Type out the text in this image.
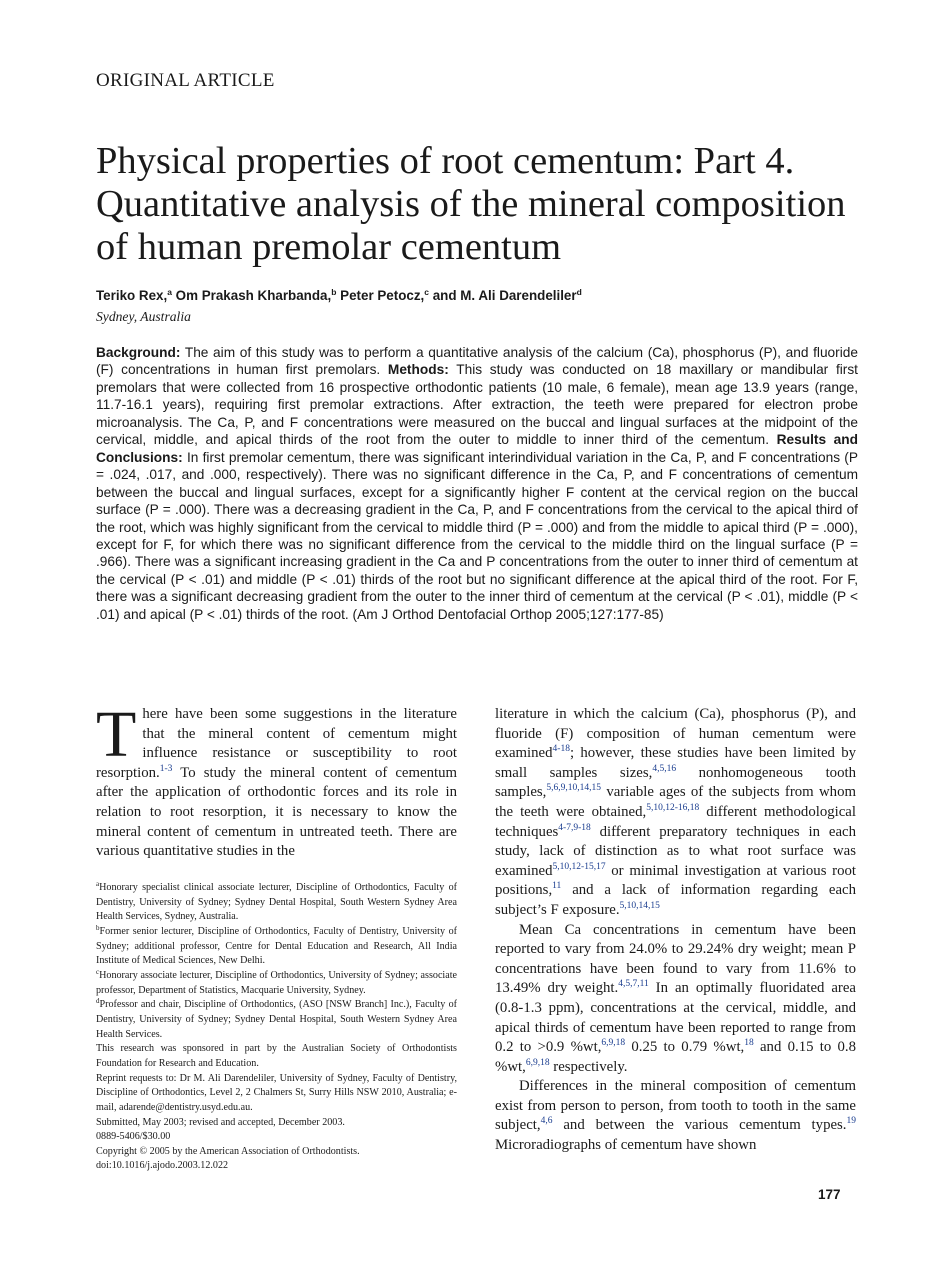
ORIGINAL ARTICLE
Physical properties of root cementum: Part 4. Quantitative analysis of the mineral composition of human premolar cementum
Teriko Rex,$^a$ Om Prakash Kharbanda,$^b$ Peter Petocz,$^c$ and M. Ali Darendeliler$^d$
Sydney, Australia

Background: The aim of this study was to perform a quantitative analysis of the calcium (Ca), phosphorus (P), and fluoride (F) concentrations in human first premolars. Methods: This study was conducted on 18 maxillary or mandibular first premolars that were collected from 16 prospective orthodontic patients (10 male, 6 female), mean age 13.9 years (range, 11.7-16.1 years), requiring first premolar extractions. After extraction, the teeth were prepared for electron probe microanalysis. The Ca, P, and F concentrations were measured on the buccal and lingual surfaces at the midpoint of the cervical, middle, and apical thirds of the root from the outer to middle to inner third of the cementum. Results and Conclusions: In first premolar cementum, there was significant interindividual variation in the Ca, P, and F concentrations (P = .024, .017, and .000, respectively). There was no significant difference in the Ca, P, and F concentrations of cementum between the buccal and lingual surfaces, except for a significantly higher F content at the cervical region on the buccal surface (P = .000). There was a decreasing gradient in the Ca, P, and F concentrations from the cervical to the apical third of the root, which was highly significant from the cervical to middle third (P = .000) and from the middle to apical third (P = .000), except for F, for which there was no significant difference from the cervical to the middle third on the lingual surface (P = .966). There was a significant increasing gradient in the Ca and P concentrations from the outer to inner third of cementum at the cervical (P < .01) and middle (P < .01) thirds of the root but no significant difference at the apical third of the root. For F, there was a significant decreasing gradient from the outer to the inner third of cementum at the cervical (P < .01), middle (P < .01) and apical (P < .01) thirds of the root. (Am J Orthod Dentofacial Orthop 2005;127:177-85)

There have been some suggestions in the literature that the mineral content of cementum might influence resistance or susceptibility to root resorption.$^{1-3}$ To study the mineral content of cementum after the application of orthodontic forces and its role in relation to root resorption, it is necessary to know the mineral content of cementum in untreated teeth. There are various quantitative studies in the

$^a$Honorary specialist clinical associate lecturer, Discipline of Orthodontics, Faculty of Dentistry, University of Sydney; Sydney Dental Hospital, South Western Sydney Area Health Services, Sydney, Australia.

$^b$Former senior lecturer, Discipline of Orthodontics, Faculty of Dentistry, University of Sydney; additional professor, Centre for Dental Education and Research, All India Institute of Medical Sciences, New Delhi.

$^c$Honorary associate lecturer, Discipline of Orthodontics, University of Sydney; associate professor, Department of Statistics, Macquarie University, Sydney.

$^d$Professor and chair, Discipline of Orthodontics, (ASO [NSW Branch] Inc.), Faculty of Dentistry, University of Sydney; Sydney Dental Hospital, South Western Sydney Area Health Services.

This research was sponsored in part by the Australian Society of Orthodontists Foundation for Research and Education.

Reprint requests to: Dr M. Ali Darendeliler, University of Sydney, Faculty of Dentistry, Discipline of Orthodontics, Level 2, 2 Chalmers St, Surry Hills NSW 2010, Australia; e-mail, adarende@dentistry.usyd.edu.au.

Submitted, May 2003; revised and accepted, December 2003.

0889-5406/$30.00

Copyright © 2005 by the American Association of Orthodontists.

doi:10.1016/j.ajodo.2003.12.022

literature in which the calcium (Ca), phosphorus (P), and fluoride (F) composition of human cementum were examined$^{4-18}$; however, these studies have been limited by small samples sizes,$^{4,5,16}$ nonhomogeneous tooth samples,$^{5,6,9,10,14,15}$ variable ages of the subjects from whom the teeth were obtained,$^{5,10,12-16,18}$ different methodological techniques$^{4-7,9-18}$ different preparatory techniques in each study, lack of distinction as to what root surface was examined$^{5,10,12-15,17}$ or minimal investigation at various root positions,$^{11}$ and a lack of information regarding each subject’s F exposure.$^{5,10,14,15}$

Mean Ca concentrations in cementum have been reported to vary from 24.0% to 29.24% dry weight; mean P concentrations have been found to vary from 11.6% to 13.49% dry weight.$^{4,5,7,11}$ In an optimally fluoridated area (0.8-1.3 ppm), concentrations at the cervical, middle, and apical thirds of cementum have been reported to range from 0.2 to >0.9 %wt,$^{6,9,18}$ 0.25 to 0.79 %wt,$^{18}$ and 0.15 to 0.8 %wt,$^{6,9,18}$ respectively.

Differences in the mineral composition of cementum exist from person to person, from tooth to tooth in the same subject,$^{4,6}$ and between the various cementum types.$^{19}$ Microradiographs of cementum have shown

177
